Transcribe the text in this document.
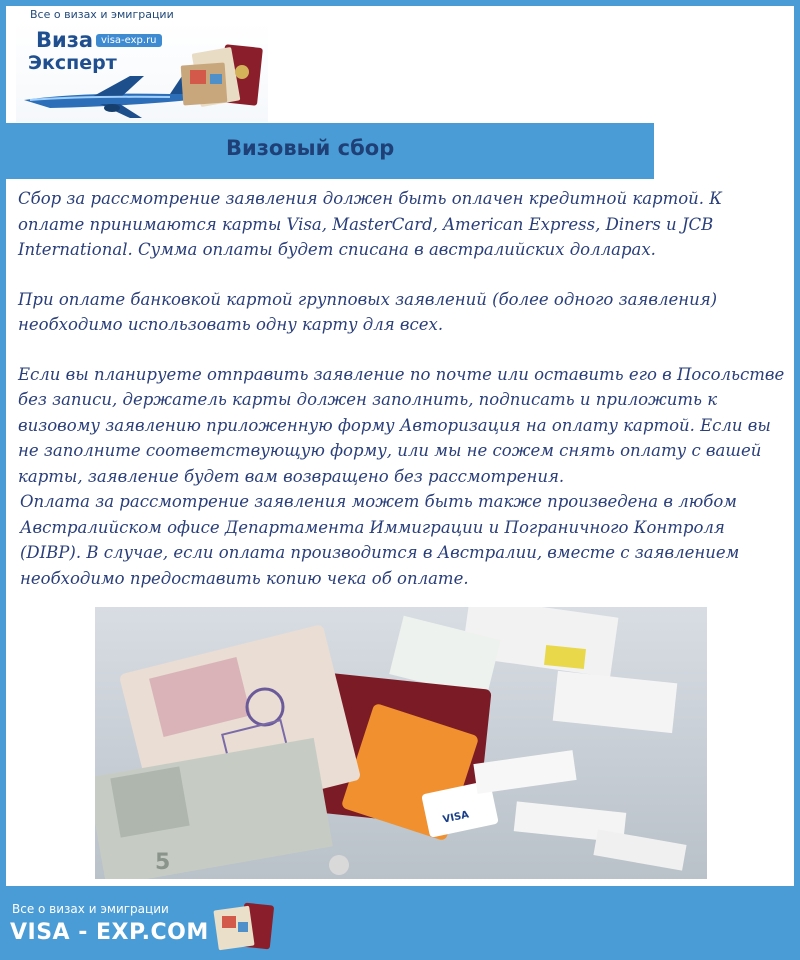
Все о визах и эмиграции
Виза visa-exp.ru
Эксперт
Визовый сбор

Сбор за рассмотрение заявления должен быть оплачен кредитной картой. К оплате принимаются карты Visa, MasterCard, American Express, Diners и JCB International. Сумма оплаты будет списана в австралийских долларах.

При оплате банковкой картой групповых заявлений (более одного заявления) необходимо использовать одну карту для всех.

Если вы планируете отправить заявление по почте или оставить его в Посольстве без записи, держатель карты должен заполнить, подписать и приложить к визовому заявлению приложенную форму Авторизация на оплату картой. Если вы не заполните соответствующую форму, или мы не сожем снять оплату с вашей карты, заявление будет вам возвращено без рассмотрения.

Оплата за рассмотрение заявления может быть также произведена в любом Австралийском офисе Департамента Иммиграции и Пограничного Контроля (DIBP). В случае, если оплата производится в Австралии, вместе с заявлением необходимо предоставить копию чека об оплате.

5
VISA
Все о визах и эмиграции
VISA - EXP.COM
